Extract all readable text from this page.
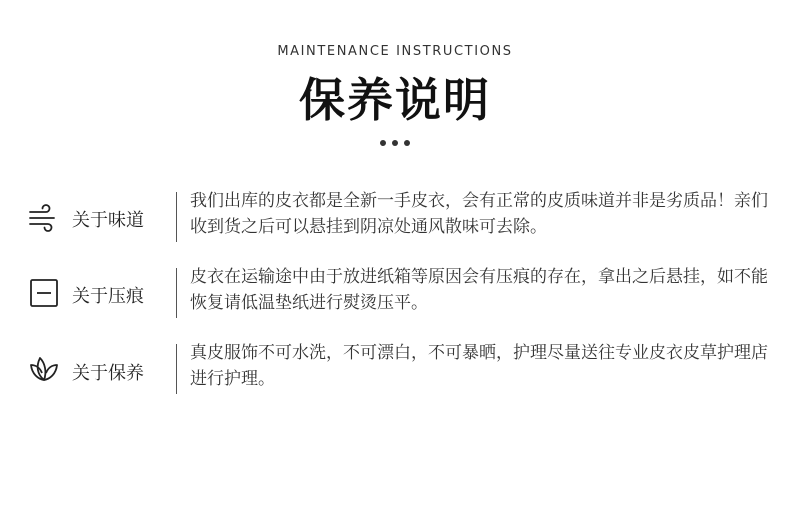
MAINTENANCE INSTRUCTIONS
保养说明
关于味道
我们出库的皮衣都是全新一手皮衣，会有正常的皮质味道并非是劣质品！亲们收到货之后可以悬挂到阴凉处通风散味可去除。
关于压痕
皮衣在运输途中由于放进纸箱等原因会有压痕的存在，拿出之后悬挂，如不能恢复请低温垫纸进行熨烫压平。
关于保养
真皮服饰不可水洗，不可漂白，不可暴晒，护理尽量送往专业皮衣皮草护理店进行护理。
